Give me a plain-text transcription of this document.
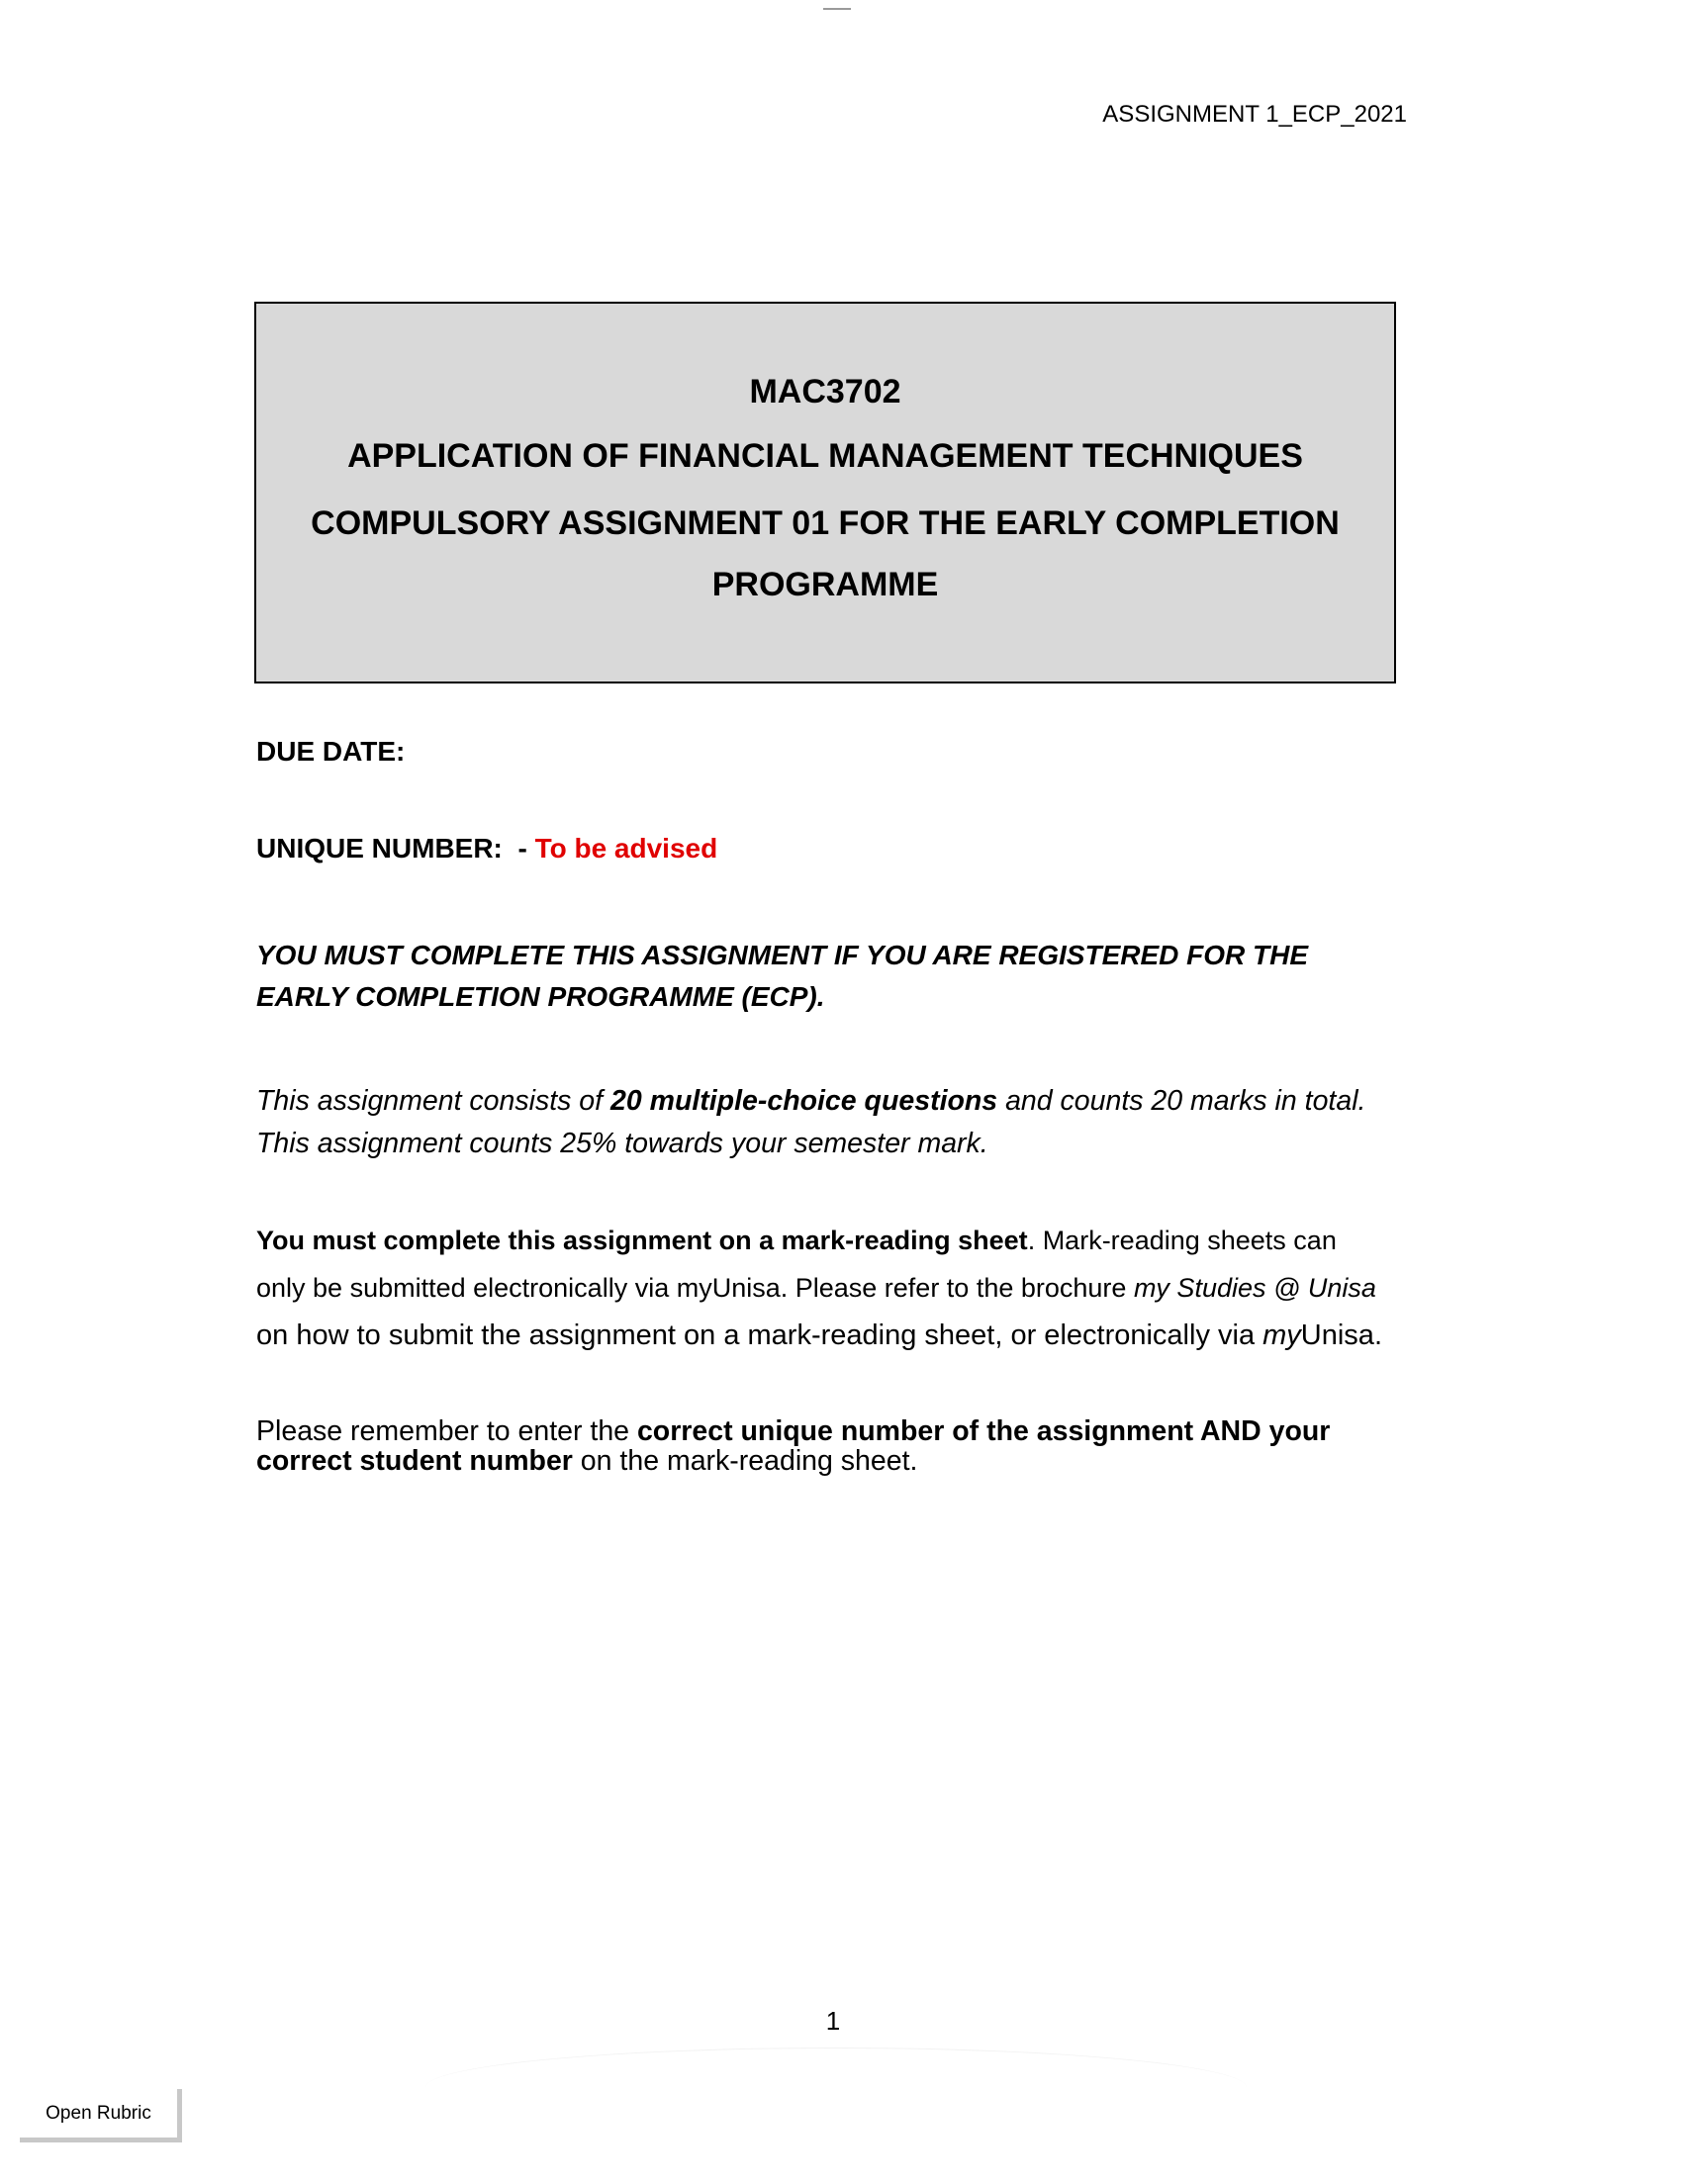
ASSIGNMENT 1_ECP_2021
MAC3702
APPLICATION OF FINANCIAL MANAGEMENT TECHNIQUES
COMPULSORY ASSIGNMENT 01 FOR THE EARLY COMPLETION
PROGRAMME
DUE DATE:
UNIQUE NUMBER:  - To be advised
YOU MUST COMPLETE THIS ASSIGNMENT IF YOU ARE REGISTERED FOR THE
EARLY COMPLETION PROGRAMME (ECP).
This assignment consists of 20 multiple-choice questions and counts 20 marks in total.
This assignment counts 25% towards your semester mark.
You must complete this assignment on a mark-reading sheet. Mark-reading sheets can
only be submitted electronically via myUnisa. Please refer to the brochure my Studies @ Unisa
on how to submit the assignment on a mark-reading sheet, or electronically via myUnisa.
Please remember to enter the correct unique number of the assignment AND your
correct student number on the mark-reading sheet.
1
Open Rubric
